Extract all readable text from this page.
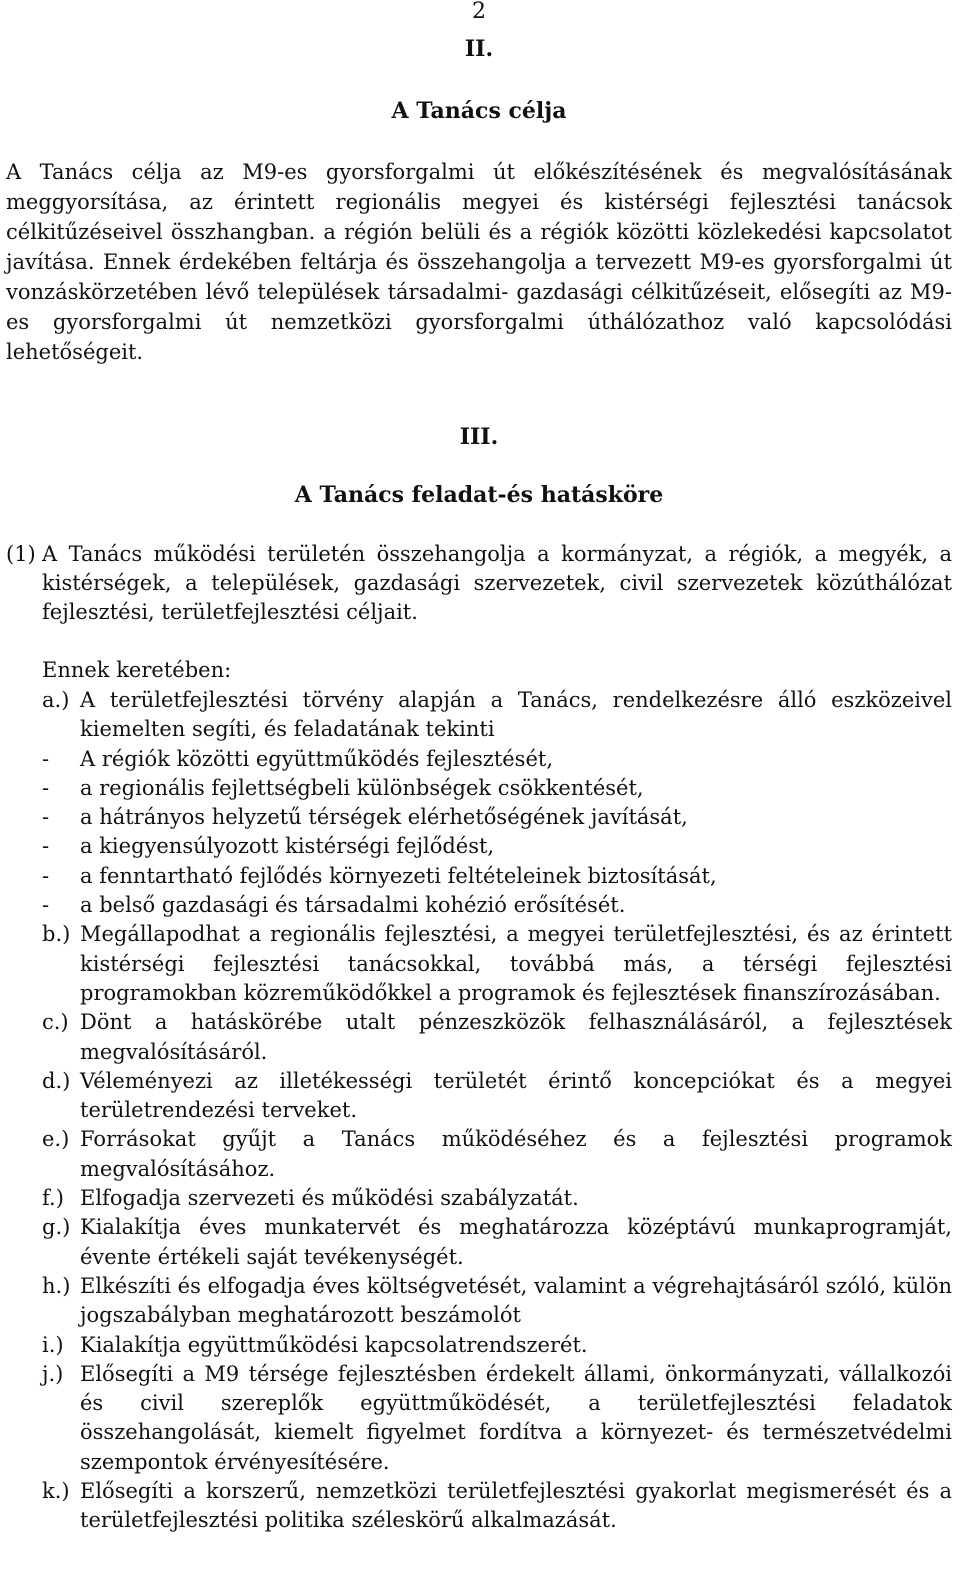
2
II.
A Tanács célja

A Tanács célja az M9-es gyorsforgalmi út előkészítésének és megvalósításának meggyorsítása, az érintett regionális megyei és kistérségi fejlesztési tanácsok célkitűzéseivel összhangban. a régión belüli és a régiók közötti közlekedési kapcsolatot javítása. Ennek érdekében feltárja és összehangolja a tervezett M9-es gyorsforgalmi út vonzáskörzetében lévő települések társadalmi- gazdasági célkitűzéseit, elősegíti az M9-es gyorsforgalmi út nemzetközi gyorsforgalmi úthálózathoz való kapcsolódási lehetőségeit.

III.
A Tanács feladat-és hatásköre
(1) A Tanács működési területén összehangolja a kormányzat, a régiók, a megyék, a kistérségek, a települések, gazdasági szervezetek, civil szervezetek közúthálózat fejlesztési, területfejlesztési céljait.
Ennek keretében:
a.) A területfejlesztési törvény alapján a Tanács, rendelkezésre álló eszközeivel kiemelten segíti, és feladatának tekinti
- A régiók közötti együttműködés fejlesztését,
- a regionális fejlettségbeli különbségek csökkentését,
- a hátrányos helyzetű térségek elérhetőségének javítását,
- a kiegyensúlyozott kistérségi fejlődést,
- a fenntartható fejlődés környezeti feltételeinek biztosítását,
- a belső gazdasági és társadalmi kohézió erősítését.
b.) Megállapodhat a regionális fejlesztési, a megyei területfejlesztési, és az érintett kistérségi fejlesztési tanácsokkal, továbbá más, a térségi fejlesztési programokban közreműködőkkel a programok és fejlesztések finanszírozásában.
c.) Dönt a hatáskörébe utalt pénzeszközök felhasználásáról, a fejlesztések megvalósításáról.
d.) Véleményezi az illetékességi területét érintő koncepciókat és a megyei területrendezési terveket.
e.) Forrásokat gyűjt a Tanács működéséhez és a fejlesztési programok megvalósításához.
f.) Elfogadja szervezeti és működési szabályzatát.
g.) Kialakítja éves munkatervét és meghatározza középtávú munkaprogramját, évente értékeli saját tevékenységét.
h.) Elkészíti és elfogadja éves költségvetését, valamint a végrehajtásáról szóló, külön jogszabályban meghatározott beszámolót
i.) Kialakítja együttműködési kapcsolatrendszerét.
j.) Elősegíti a M9 térsége fejlesztésben érdekelt állami, önkormányzati, vállalkozói és civil szereplők együttműködését, a területfejlesztési feladatok összehangolását, kiemelt figyelmet fordítva a környezet- és természetvédelmi szempontok érvényesítésére.
k.) Elősegíti a korszerű, nemzetközi területfejlesztési gyakorlat megismerését és a területfejlesztési politika széleskörű alkalmazását.
